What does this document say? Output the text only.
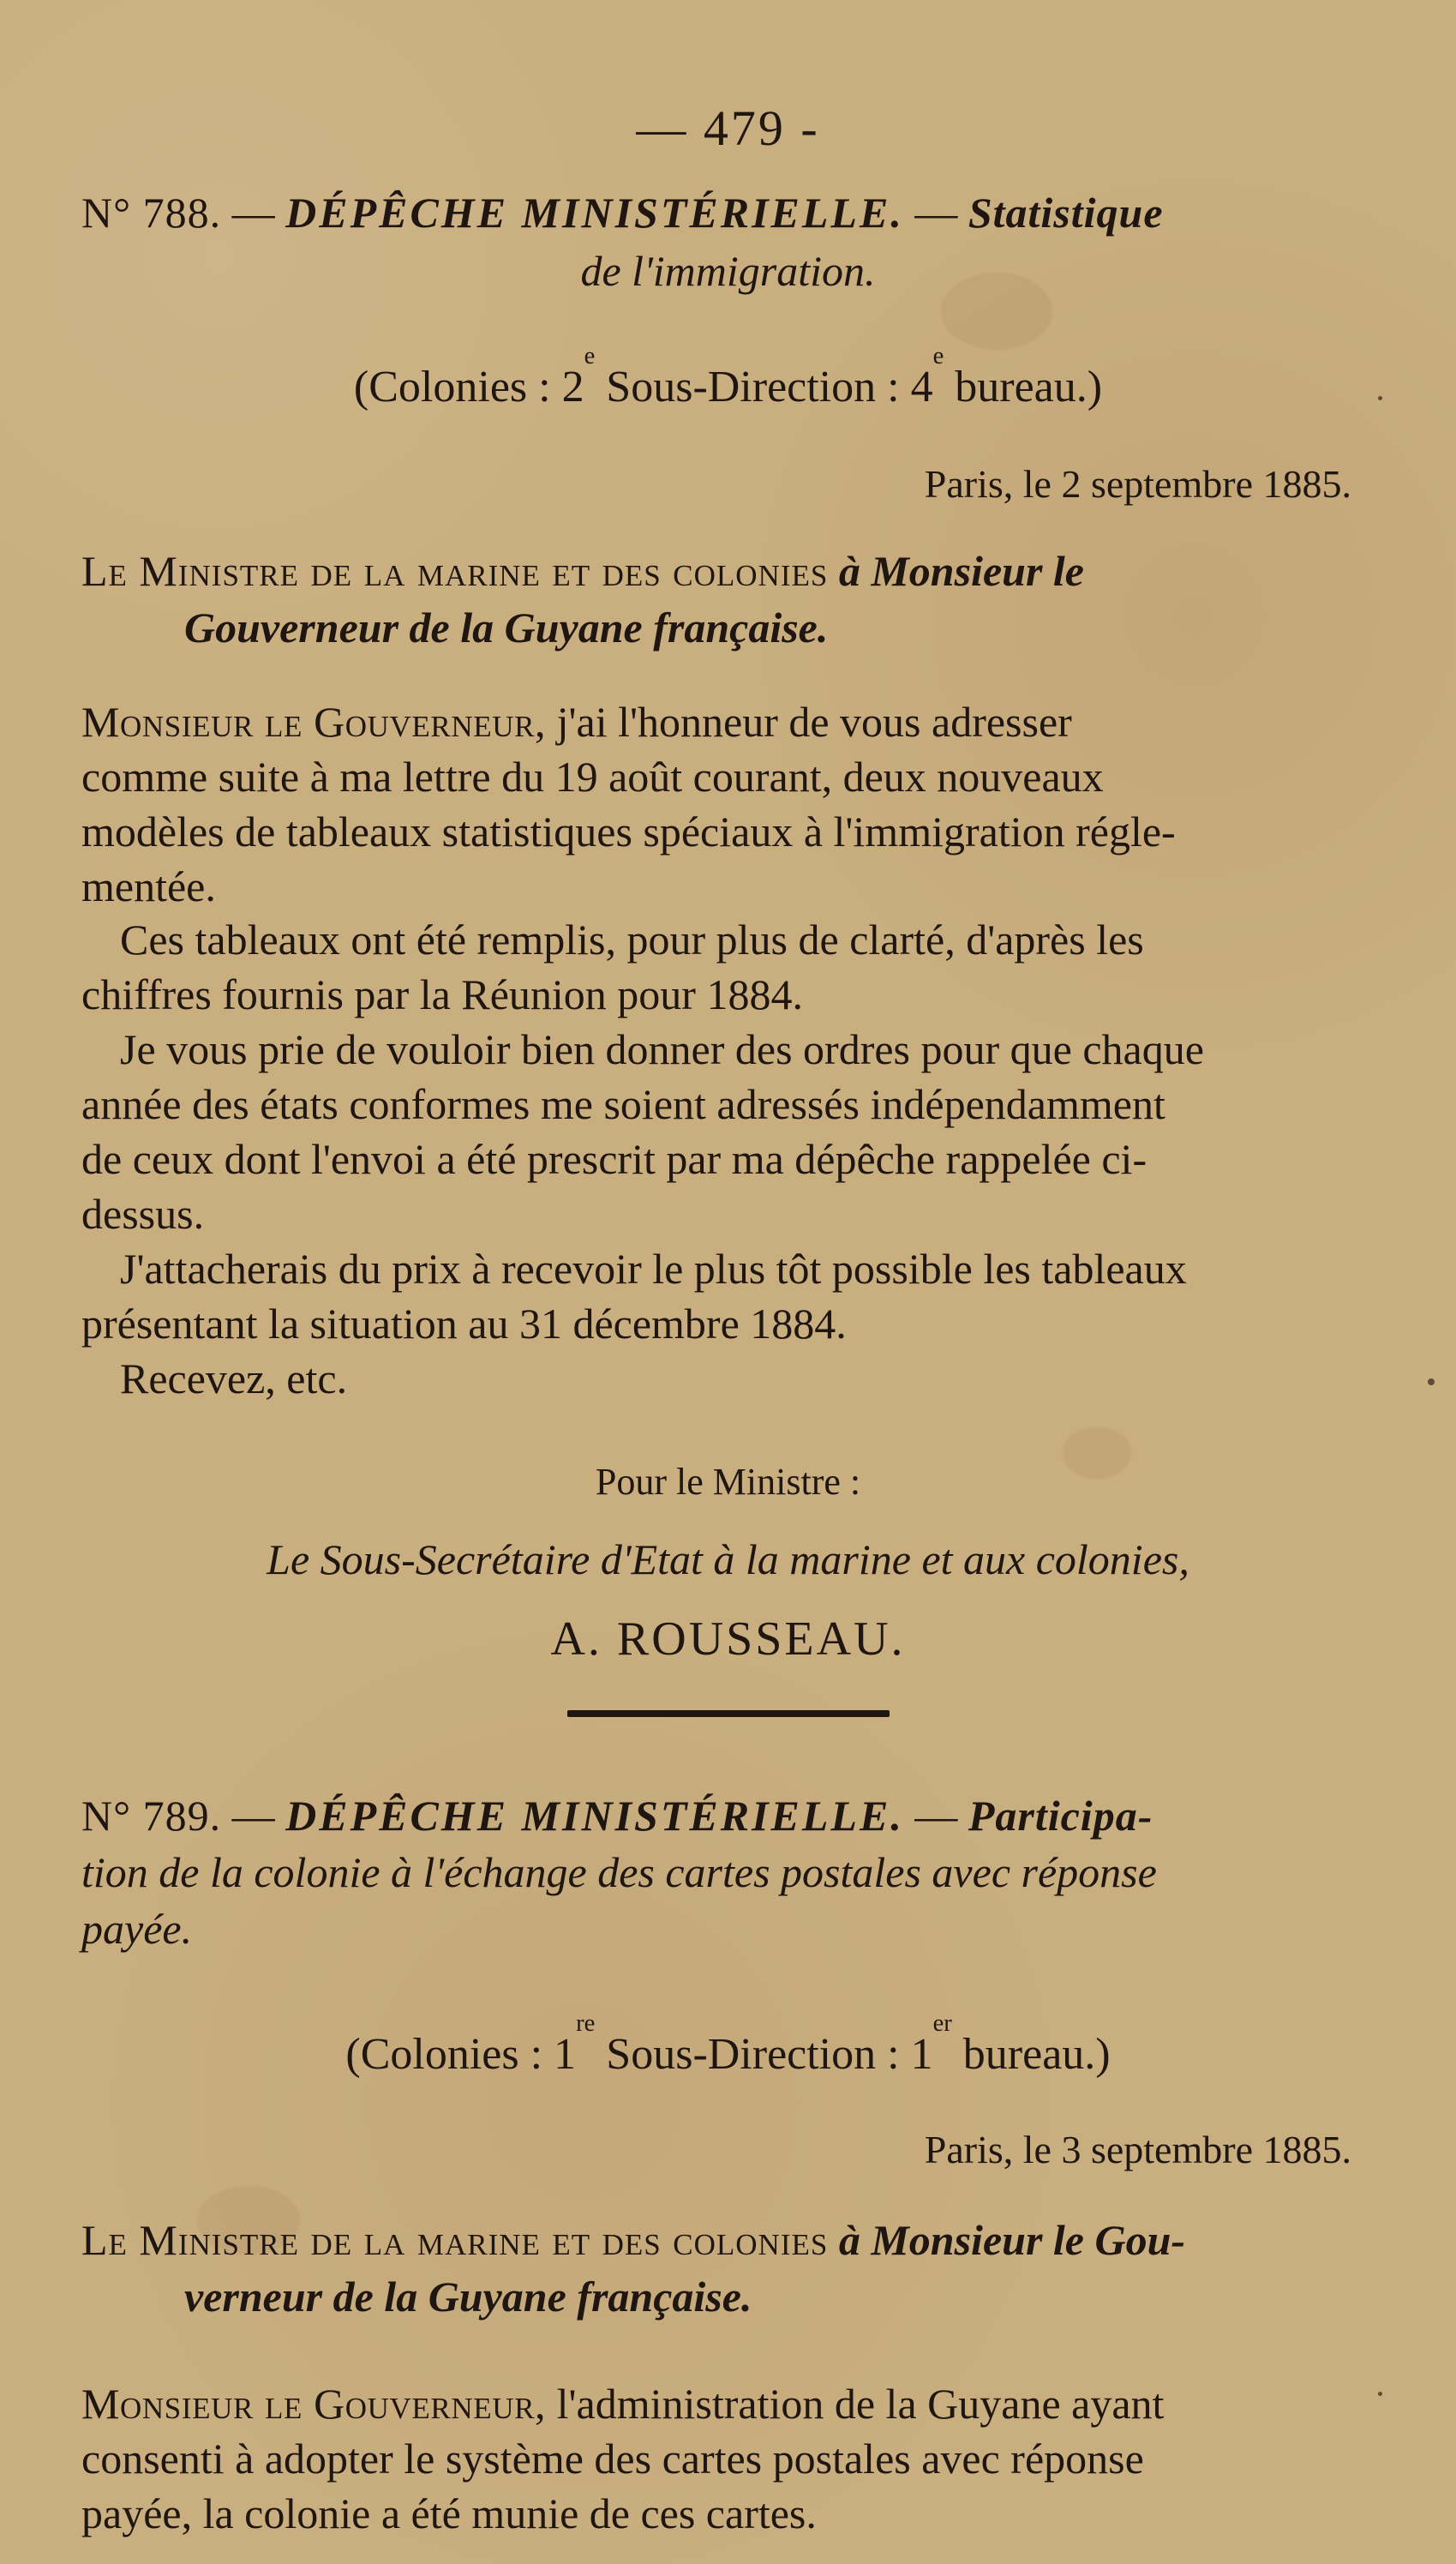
— 479 -
N° 788. — DÉPÊCHE MINISTÉRIELLE. — Statistique
de l'immigration.
(Colonies : 2e Sous-Direction : 4e bureau.)
Paris, le 2 septembre 1885.
Le Ministre de la marine et des colonies à Monsieur le
Gouverneur de la Guyane française.
Monsieur le Gouverneur, j'ai l'honneur de vous adresser
comme suite à ma lettre du 19 août courant, deux nouveaux
modèles de tableaux statistiques spéciaux à l'immigration régle-
mentée.
Ces tableaux ont été remplis, pour plus de clarté, d'après les
chiffres fournis par la Réunion pour 1884.
Je vous prie de vouloir bien donner des ordres pour que chaque
année des états conformes me soient adressés indépendamment
de ceux dont l'envoi a été prescrit par ma dépêche rappelée ci-
dessus.
J'attacherais du prix à recevoir le plus tôt possible les tableaux
présentant la situation au 31 décembre 1884.
Recevez, etc.
Pour le Ministre :
Le Sous-Secrétaire d'Etat à la marine et aux colonies,
A. ROUSSEAU.
N° 789. — DÉPÊCHE MINISTÉRIELLE. — Participa-
tion de la colonie à l'échange des cartes postales avec réponse
payée.
(Colonies : 1re Sous-Direction : 1er bureau.)
Paris, le 3 septembre 1885.
Le Ministre de la marine et des colonies à Monsieur le Gou-
verneur de la Guyane française.
Monsieur le Gouverneur, l'administration de la Guyane ayant
consenti à adopter le système des cartes postales avec réponse
payée, la colonie a été munie de ces cartes.
